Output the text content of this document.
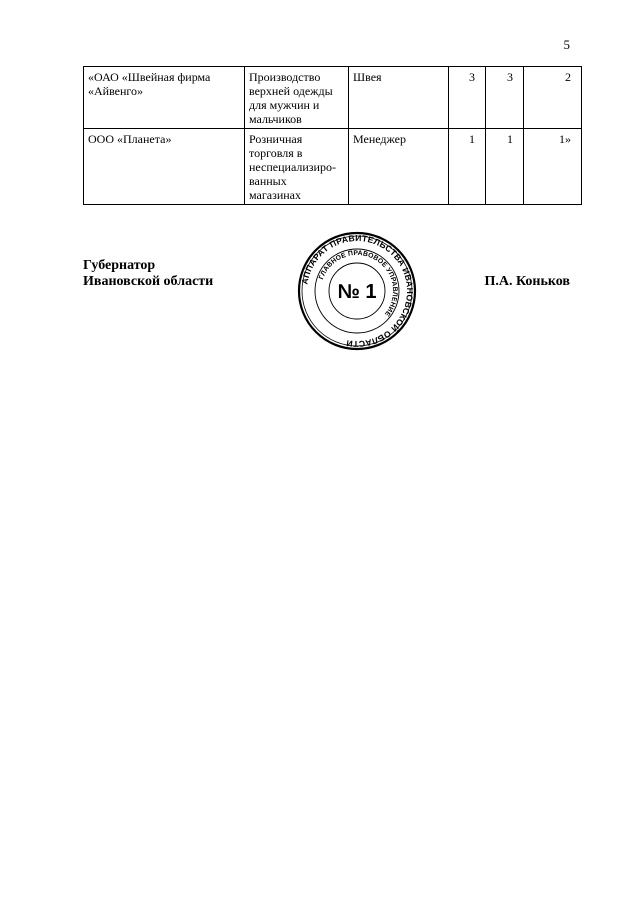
5
«ОАО «Швейная фирма
«Айвенго»	Производство
верхней одежды
для мужчин и
мальчиков	Швея	3	3	2

ООО «Планета»	Розничная
торговля в
неспециализиро-
ванных
магазинах	Менеджер	1	1	1»
Губернатор
Ивановской области	П.А. Коньков
АППАРАТ ПРАВИТЕЛЬСТВА ИВАНОВСКОЙ ОБЛАСТИ
ГЛАВНОЕ ПРАВОВОЕ УПРАВЛЕНИЕ
№ 1
